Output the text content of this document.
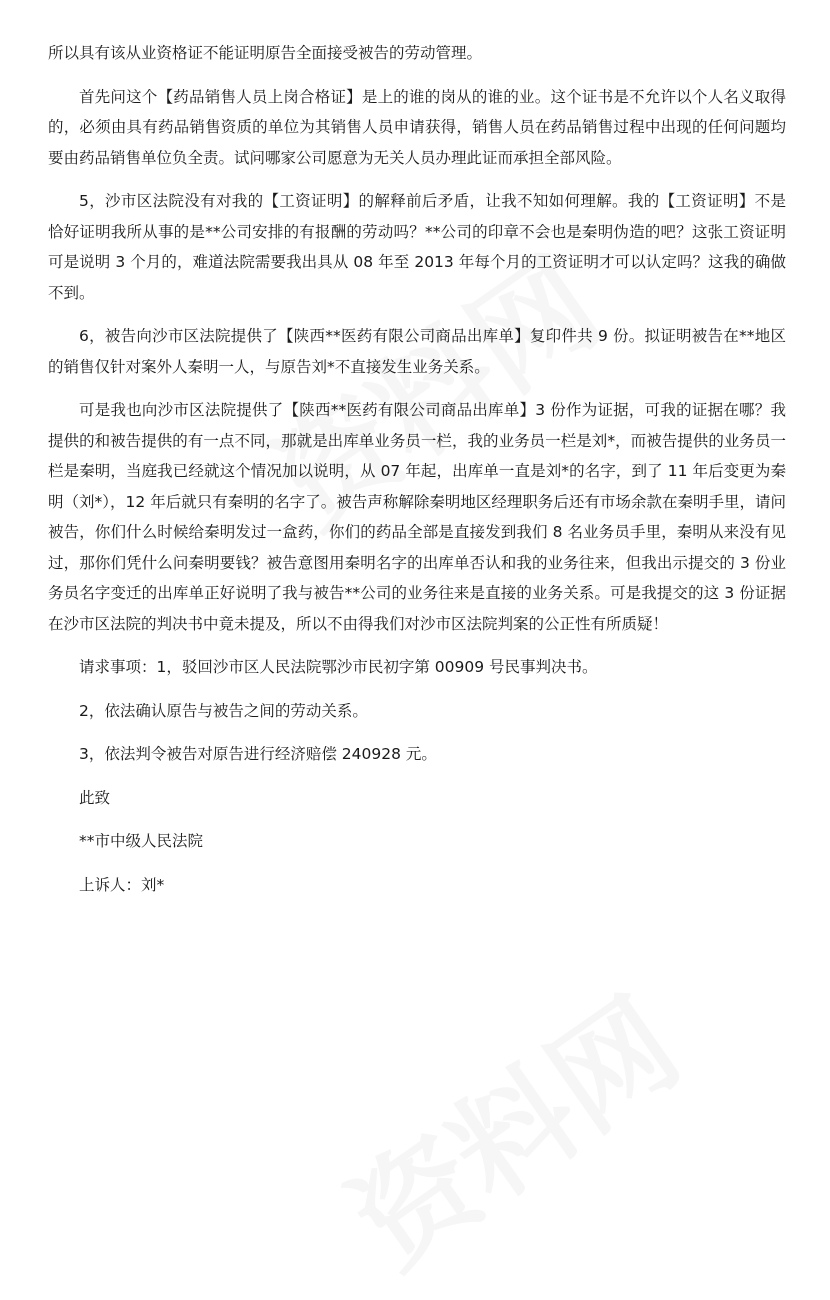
所以具有该从业资格证不能证明原告全面接受被告的劳动管理。

首先问这个【药品销售人员上岗合格证】是上的谁的岗从的谁的业。这个证书是不允许以个人名义取得的，必须由具有药品销售资质的单位为其销售人员申请获得，销售人员在药品销售过程中出现的任何问题均要由药品销售单位负全责。试问哪家公司愿意为无关人员办理此证而承担全部风险。

5，沙市区法院没有对我的【工资证明】的解释前后矛盾，让我不知如何理解。我的【工资证明】不是恰好证明我所从事的是**公司安排的有报酬的劳动吗？**公司的印章不会也是秦明伪造的吧？这张工资证明可是说明 3 个月的，难道法院需要我出具从 08 年至 2013 年每个月的工资证明才可以认定吗？这我的确做不到。

6，被告向沙市区法院提供了【陕西**医药有限公司商品出库单】复印件共 9 份。拟证明被告在**地区的销售仅针对案外人秦明一人，与原告刘*不直接发生业务关系。

可是我也向沙市区法院提供了【陕西**医药有限公司商品出库单】3 份作为证据，可我的证据在哪？我提供的和被告提供的有一点不同，那就是出库单业务员一栏，我的业务员一栏是刘*，而被告提供的业务员一栏是秦明，当庭我已经就这个情况加以说明，从 07 年起，出库单一直是刘*的名字，到了 11 年后变更为秦明（刘*），12 年后就只有秦明的名字了。被告声称解除秦明地区经理职务后还有市场余款在秦明手里，请问被告，你们什么时候给秦明发过一盒药，你们的药品全部是直接发到我们 8 名业务员手里，秦明从来没有见过，那你们凭什么问秦明要钱？被告意图用秦明名字的出库单否认和我的业务往来，但我出示提交的 3 份业务员名字变迁的出库单正好说明了我与被告**公司的业务往来是直接的业务关系。可是我提交的这 3 份证据在沙市区法院的判决书中竟未提及，所以不由得我们对沙市区法院判案的公正性有所质疑！

请求事项：1，驳回沙市区人民法院鄂沙市民初字第 00909 号民事判决书。
2，依法确认原告与被告之间的劳动关系。
3，依法判令被告对原告进行经济赔偿 240928 元。
此致
**市中级人民法院
上诉人：刘*
